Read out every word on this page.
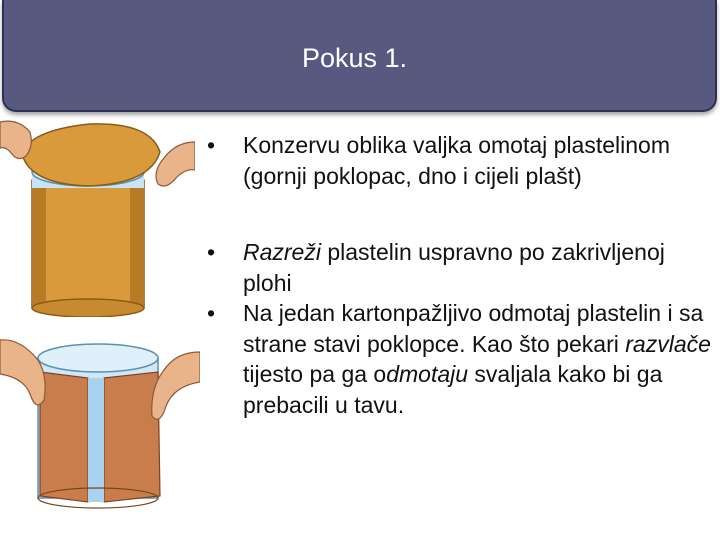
Pokus 1.
• Konzervu oblika valjka omotaj plastelinom (gornji poklopac, dno i cijeli plašt)
• Razreži plastelin uspravno po zakrivljenoj plohi
• Na jedan kartonpažljivo odmotaj plastelin i sa strane stavi poklopce. Kao što pekari razvlače tijesto pa ga odmotaju svaljala kako bi ga prebacili u tavu.
